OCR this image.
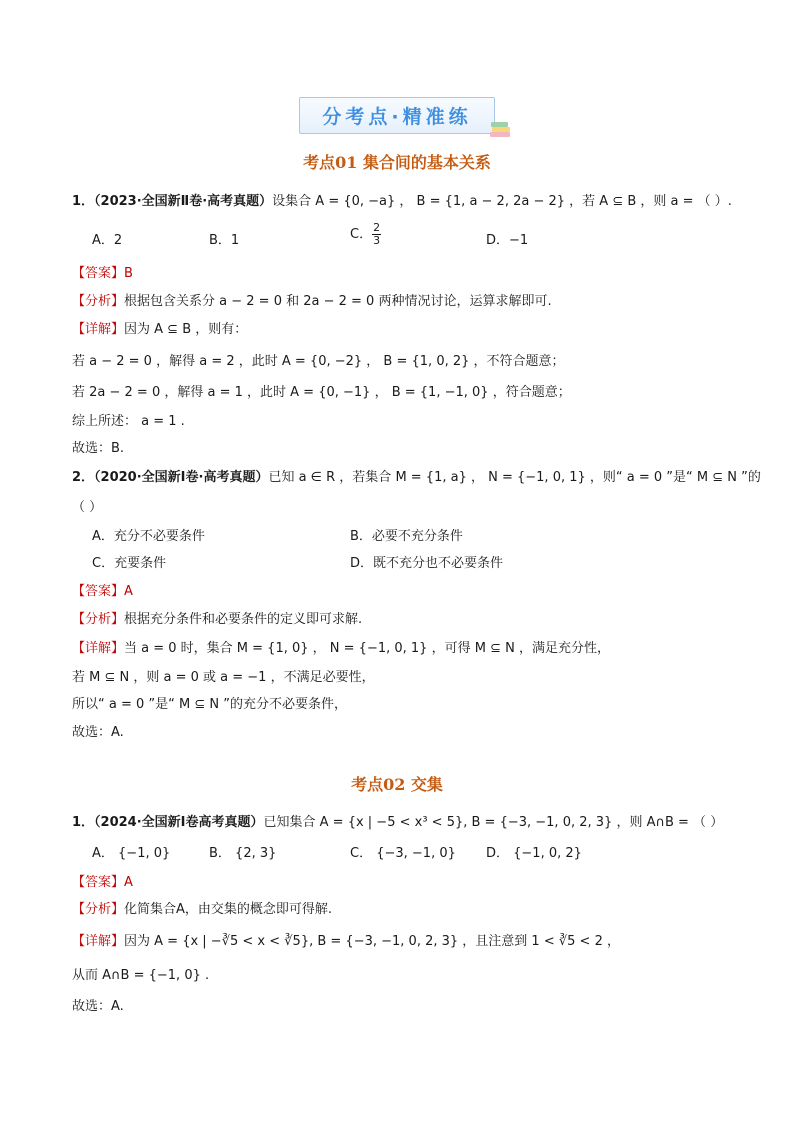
分考点·精准练
考点01 集合间的基本关系
1．（2023·全国新Ⅱ卷·高考真题）设集合 A = {0, −a} ， B = {1, a − 2, 2a − 2} ，若 A ⊆ B ，则 a = （ ）.
A．2	B．1	C． $\frac{2}{3}$	D．−1
【答案】B
【分析】根据包含关系分 a − 2 = 0 和 2a − 2 = 0 两种情况讨论，运算求解即可.
【详解】因为 A ⊆ B ，则有：
若 a − 2 = 0 ，解得 a = 2 ，此时 A = {0, −2} ， B = {1, 0, 2} ，不符合题意；
若 2a − 2 = 0 ，解得 a = 1 ，此时 A = {0, −1} ， B = {1, −1, 0} ，符合题意；
综上所述： a = 1 .
故选：B.
2．（2020·全国新Ⅰ卷·高考真题）已知 a ∈ R ，若集合 M = {1, a} ， N = {−1, 0, 1} ，则“ a = 0 ”是“ M ⊆ N ”的
（ ）
A．充分不必要条件	B．必要不充分条件
C．充要条件	D．既不充分也不必要条件
【答案】A
【分析】根据充分条件和必要条件的定义即可求解.
【详解】当 a = 0 时，集合 M = {1, 0} ， N = {−1, 0, 1} ，可得 M ⊆ N ，满足充分性，
若 M ⊆ N ，则 a = 0 或 a = −1 ，不满足必要性，
所以“ a = 0 ”是“ M ⊆ N ”的充分不必要条件，
故选：A.
考点02 交集
1．（2024·全国新Ⅰ卷高考真题）已知集合 A = {x | −5 < x³ < 5}, B = {−3, −1, 0, 2, 3} ，则 A∩B = （ ）
A． {−1, 0}	B． {2, 3}	C． {−3, −1, 0} D． {−1, 0, 2}
【答案】A
【分析】化简集合A，由交集的概念即可得解.
【详解】因为 A = {x | −∛5 < x < ∛5}, B = {−3, −1, 0, 2, 3} ，且注意到 1 < ∛5 < 2 ，
从而 A∩B = {−1, 0} .
故选：A.
